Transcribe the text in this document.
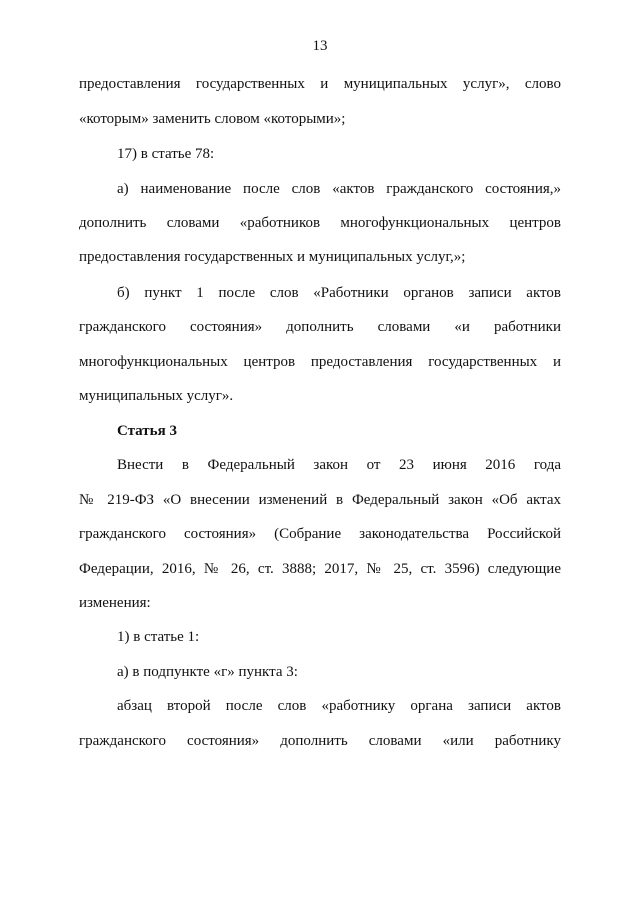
13
предоставления государственных и муниципальных услуг», слово
«которым» заменить словом «которыми»;
17) в статье 78:
а) наименование после слов «актов гражданского состояния,»
дополнить словами «работников многофункциональных центров
предоставления государственных и муниципальных услуг,»;
б) пункт 1 после слов «Работники органов записи актов
гражданского состояния» дополнить словами «и работники
многофункциональных центров предоставления государственных и
муниципальных услуг».
Статья 3
Внести в Федеральный закон от 23 июня 2016 года
№ 219-ФЗ «О внесении изменений в Федеральный закон «Об актах
гражданского состояния» (Собрание законодательства Российской
Федерации, 2016, № 26, ст. 3888; 2017, № 25, ст. 3596) следующие
изменения:
1) в статье 1:
а) в подпункте «г» пункта 3:
абзац второй после слов «работнику органа записи актов
гражданского состояния» дополнить словами «или работнику
